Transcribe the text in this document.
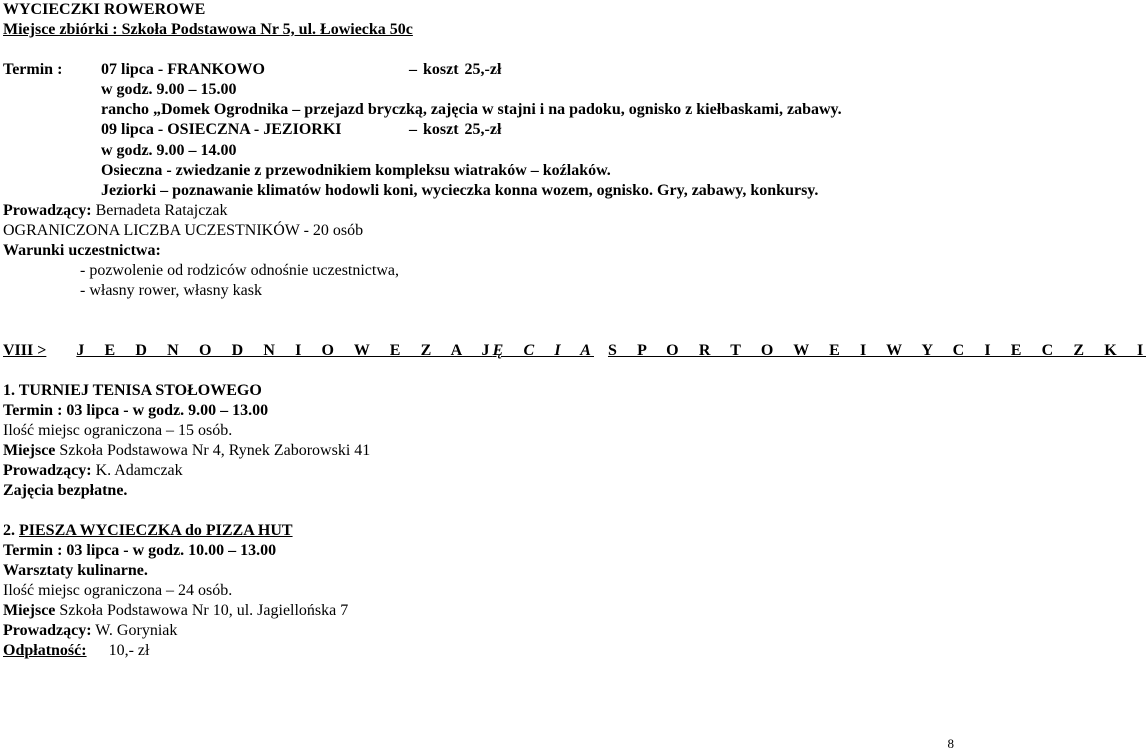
WYCIECZKI ROWEROWE
Miejsce zbiórki : Szkoła Podstawowa Nr 5, ul. Łowiecka 50c
Termin : 07 lipca - FRANKOWO	– koszt 25,-zł
w godz. 9.00 – 15.00
rancho „Domek Ogrodnika – przejazd bryczką, zajęcia w stajni i na padoku, ognisko z kiełbaskami, zabawy.
09 lipca - OSIECZNA - JEZIORKI	– koszt 25,-zł
w godz. 9.00 – 14.00
Osieczna - zwiedzanie z przewodnikiem kompleksu wiatraków – koźlaków.
Jeziorki – poznawanie klimatów hodowli koni, wycieczka konna wozem, ognisko. Gry, zabawy, konkursy.
Prowadzący: Bernadeta Ratajczak
OGRANICZONA LICZBA UCZESTNIKÓW - 20 osób
Warunki uczestnictwa:
- pozwolenie od rodziców odnośnie uczestnictwa,
- własny rower, własny kask
VIII > J E D N O D N I O W E Z A JĘ C I A S P O R T O W E I W Y C I E C Z K I
1. TURNIEJ TENISA STOŁOWEGO
Termin : 03 lipca - w godz. 9.00 – 13.00
Ilość miejsc ograniczona – 15 osób.
Miejsce Szkoła Podstawowa Nr 4, Rynek Zaborowski 41
Prowadzący: K. Adamczak
Zajęcia bezpłatne.
2. PIESZA WYCIECZKA do PIZZA HUT
Termin : 03 lipca - w godz. 10.00 – 13.00
Warsztaty kulinarne.
Ilość miejsc ograniczona – 24 osób.
Miejsce Szkoła Podstawowa Nr 10, ul. Jagiellońska 7
Prowadzący: W. Goryniak
Odpłatność: 10,- zł
8
